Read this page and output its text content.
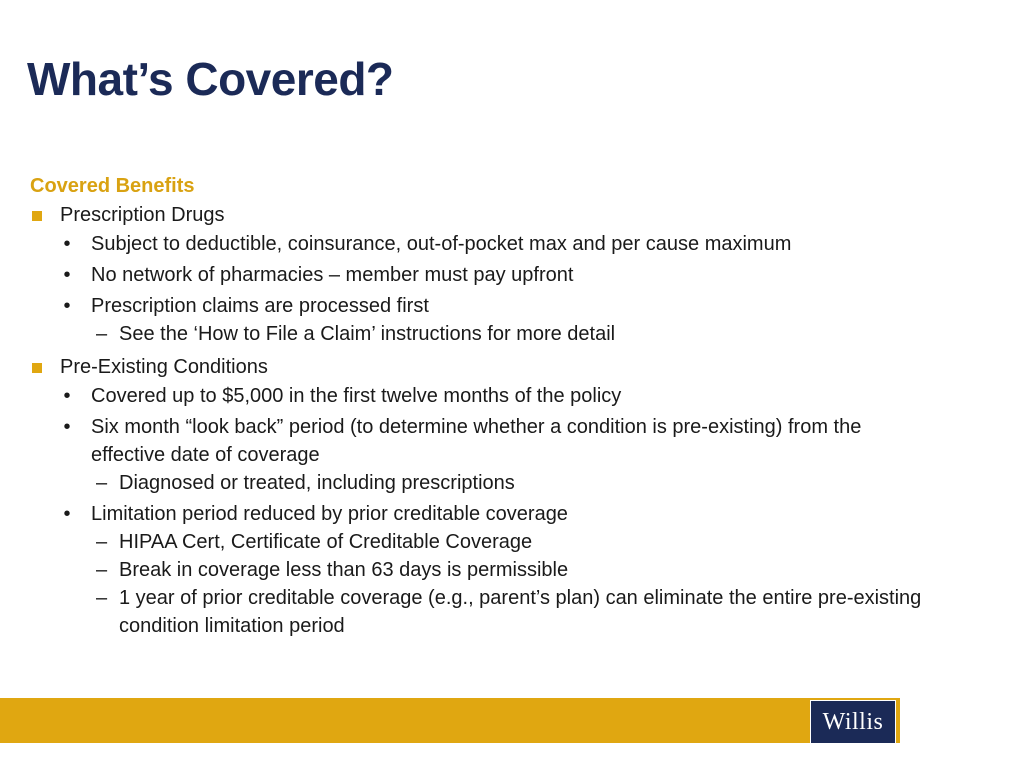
What’s Covered?
Covered Benefits
Prescription Drugs
• Subject to deductible, coinsurance, out-of-pocket max and per cause maximum
• No network of pharmacies – member must pay upfront
• Prescription claims are processed first
– See the ‘How to File a Claim’ instructions for more detail
Pre-Existing Conditions
• Covered up to $5,000 in the first twelve months of the policy
• Six month “look back” period (to determine whether a condition is pre-existing) from the effective date of coverage
– Diagnosed or treated, including prescriptions
• Limitation period reduced by prior creditable coverage
– HIPAA Cert, Certificate of Creditable Coverage
– Break in coverage less than 63 days is permissible
– 1 year of prior creditable coverage (e.g., parent’s plan) can eliminate the entire pre-existing condition limitation period
Willis
